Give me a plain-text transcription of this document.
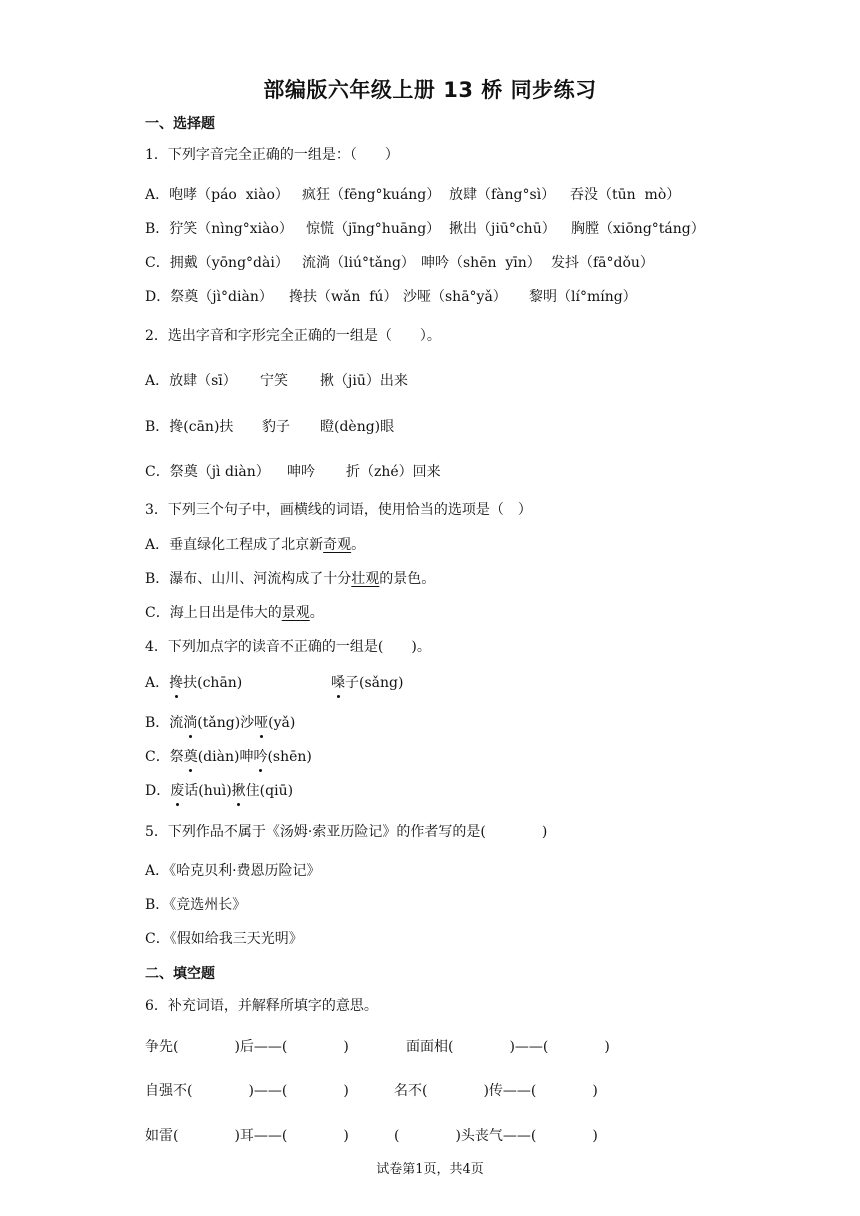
部编版六年级上册 13 桥 同步练习
一、选择题
1．下列字音完全正确的一组是：（　　）
A．咆哮（páo  xiào） 疯狂（fēng°kuáng） 放肆（fàng°sì） 吞没（tūn  mò）
B．狞笑（nìng°xiào） 惊慌（jīng°huāng） 揪出（jiū°chū） 胸膛（xiōng°táng）
C．拥戴（yōng°dài） 流淌（liú°tǎng） 呻吟（shēn  yīn） 发抖（fā°dǒu）
D．祭奠（jì°diàn） 搀扶（wǎn  fú） 沙哑（shā°yǎ） 黎明（lí°míng）
2．选出字音和字形完全正确的一组是（　　）。
A．放肆（sī） 宁笑 揪（jiū）出来
B．搀(cān)扶 豹子 瞪(dèng)眼
C．祭奠（jì diàn） 呻吟 折（zhé）回来
3．下列三个句子中，画横线的词语，使用恰当的选项是（　）
A．垂直绿化工程成了北京新奇观。
B．瀑布、山川、河流构成了十分壮观的景色。
C．海上日出是伟大的景观。
4．下列加点字的读音不正确的一组是(　　)。
A．搀扶(chān)	嗓子(sǎng)
B．流淌(tǎng)沙哑(yǎ)
C．祭奠(diàn)呻吟(shēn)
D．废话(huì)揪住(qiū)
5．下列作品不属于《汤姆·索亚历险记》的作者写的是(　　　　)
A．《哈克贝利·费恩历险记》
B．《竞选州长》
C．《假如给我三天光明》
二、填空题
6．补充词语，并解释所填字的意思。
争先(　　　　)后——(　　　　)	面面相(　　　　)——(　　　　)
自强不(　　　　)——(　　　　)	名不(　　　　)传——(　　　　)
如雷(　　　　)耳——(　　　　)	(　　　　)头丧气——(　　　　)
试卷第1页，共4页
